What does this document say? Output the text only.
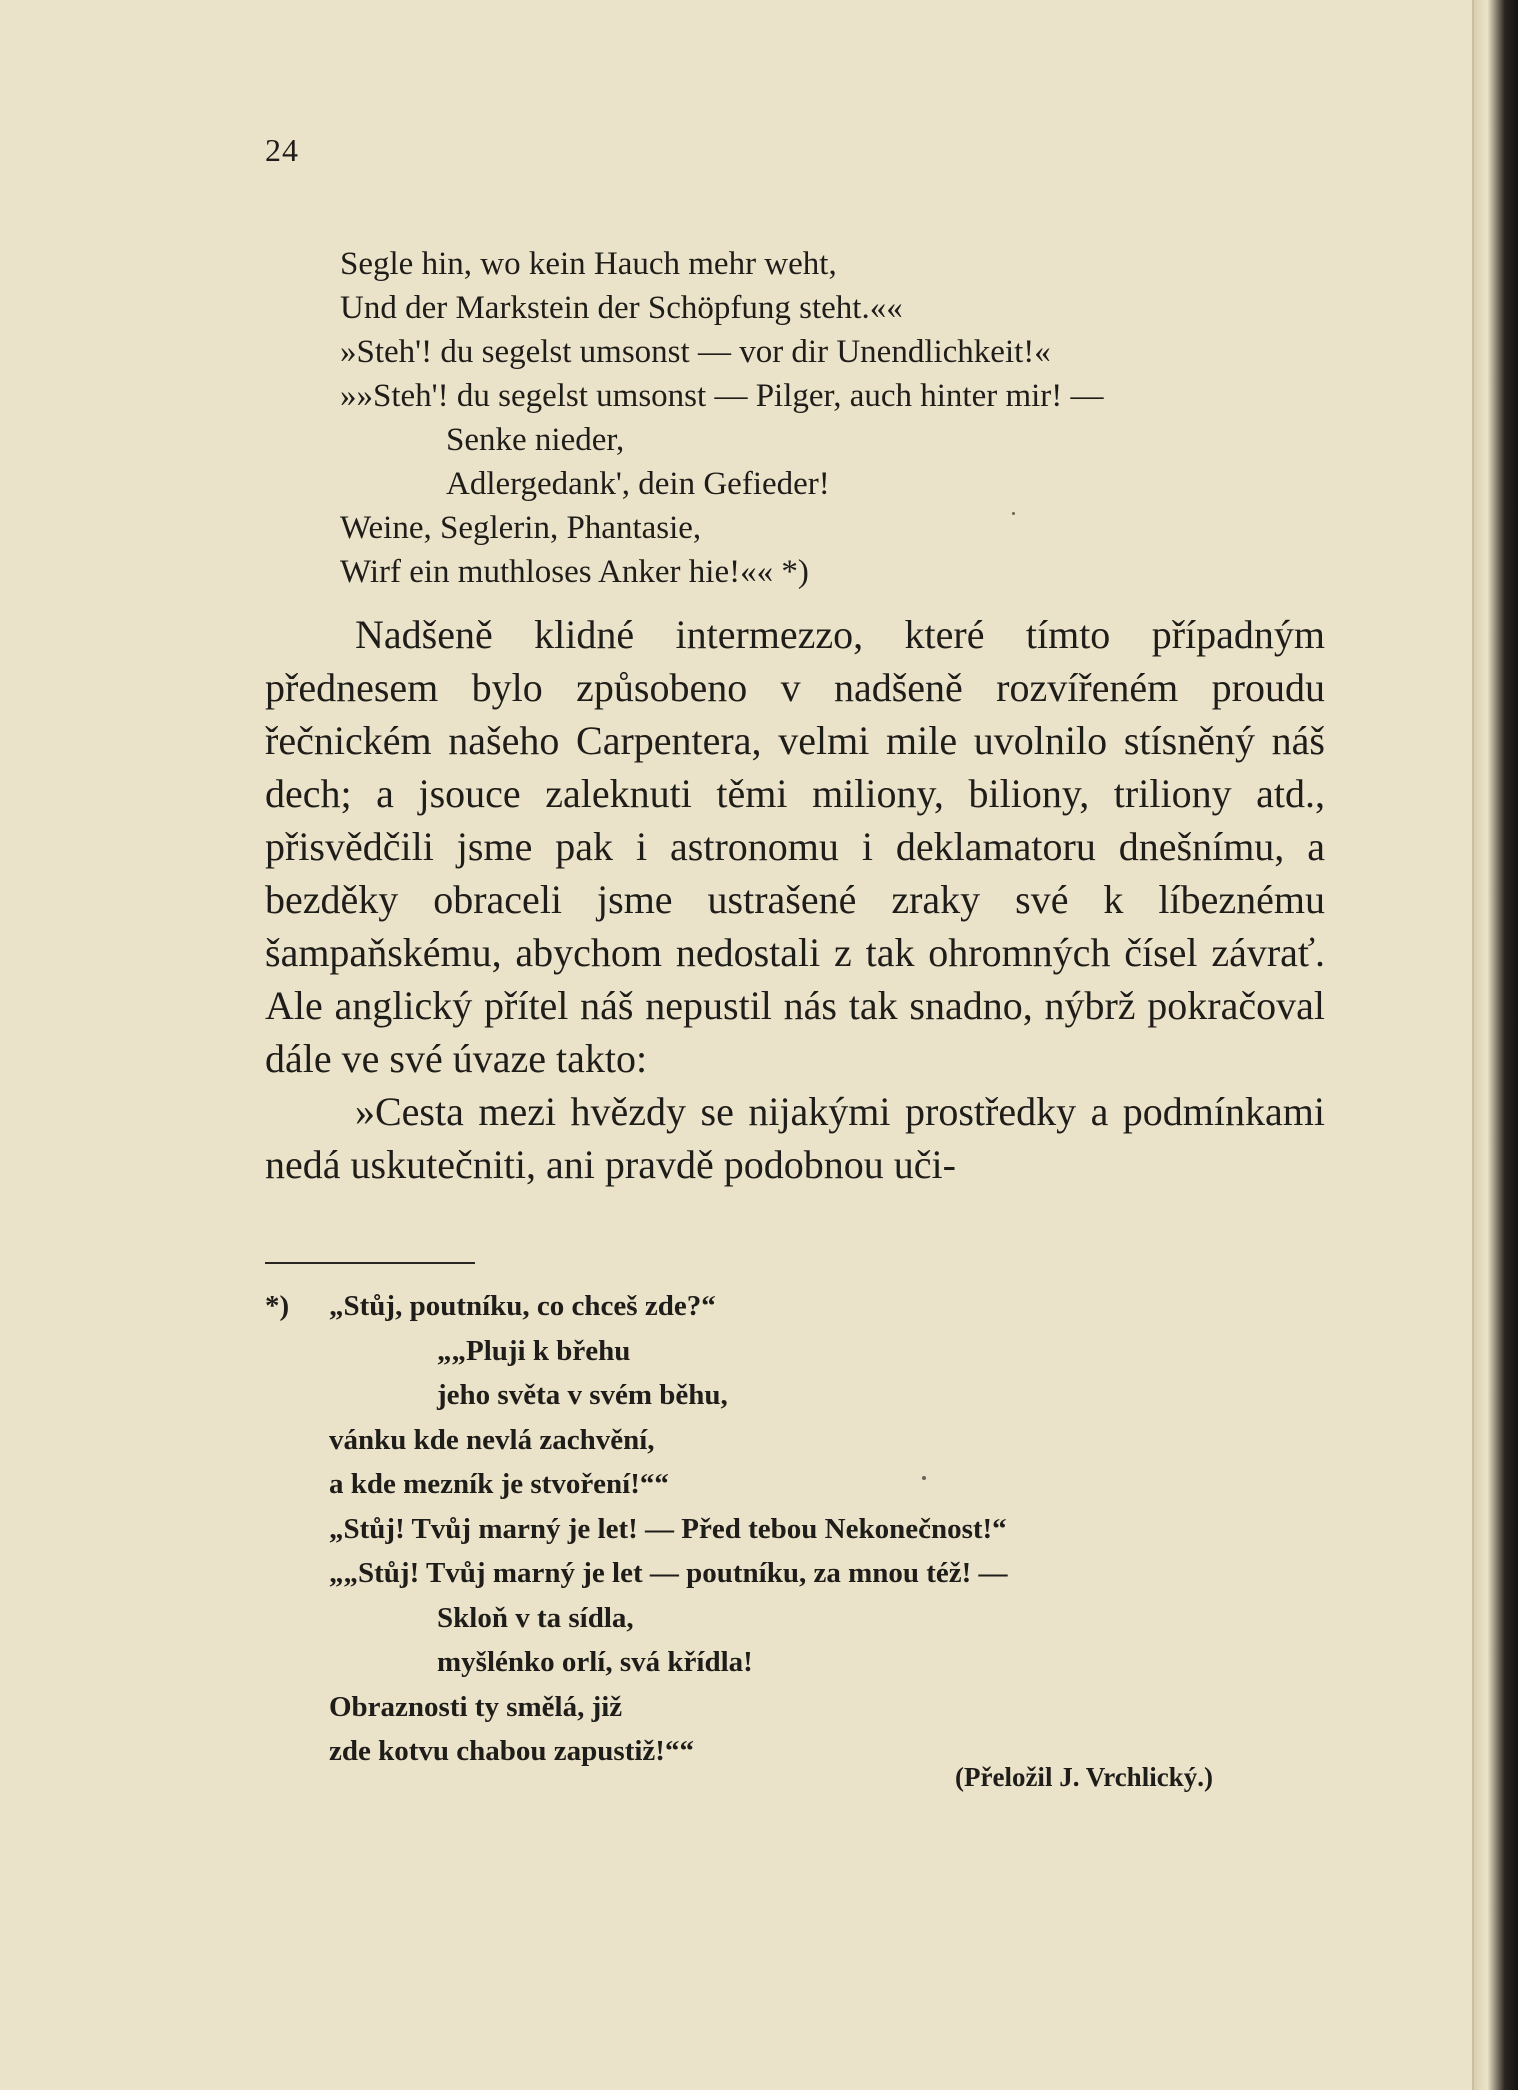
24
Segle hin, wo kein Hauch mehr weht,
Und der Markstein der Schöpfung steht.««
»Steh'! du segelst umsonst — vor dir Unendlichkeit!«
»»Steh'! du segelst umsonst — Pilger, auch hinter mir! —
Senke nieder,
Adlergedank', dein Gefieder!
Weine, Seglerin, Phantasie,
Wirf ein muthloses Anker hie!«« *)

Nadšeně klidné intermezzo, které tímto případným přednesem bylo způsobeno v nadšeně rozvířeném proudu řečnickém našeho Carpentera, velmi mile uvolnilo stísněný náš dech; a jsouce zaleknuti těmi miliony, biliony, triliony atd., přisvědčili jsme pak i astronomu i deklamatoru dnešnímu, a bezděky obraceli jsme ustrašené zraky své k líbeznému šampaňskému, abychom nedostali z tak ohromných čísel závrať. Ale anglický přítel náš nepustil nás tak snadno, nýbrž pokračoval dále ve své úvaze takto:

»Cesta mezi hvězdy se nijakými prostředky a podmínkami nedá uskutečniti, ani pravdě podobnou uči-

*) „Stůj, poutníku, co chceš zde?“
„„Pluji k břehu
jeho světa v svém běhu,
vánku kde nevlá zachvění,
a kde mezník je stvoření!““
„Stůj! Tvůj marný je let! — Před tebou Nekonečnost!“
„„Stůj! Tvůj marný je let — poutníku, za mnou též! —
Skloň v ta sídla,
myšlénko orlí, svá křídla!
Obraznosti ty smělá, již
zde kotvu chabou zapustiž!““
(Přeložil J. Vrchlický.)
